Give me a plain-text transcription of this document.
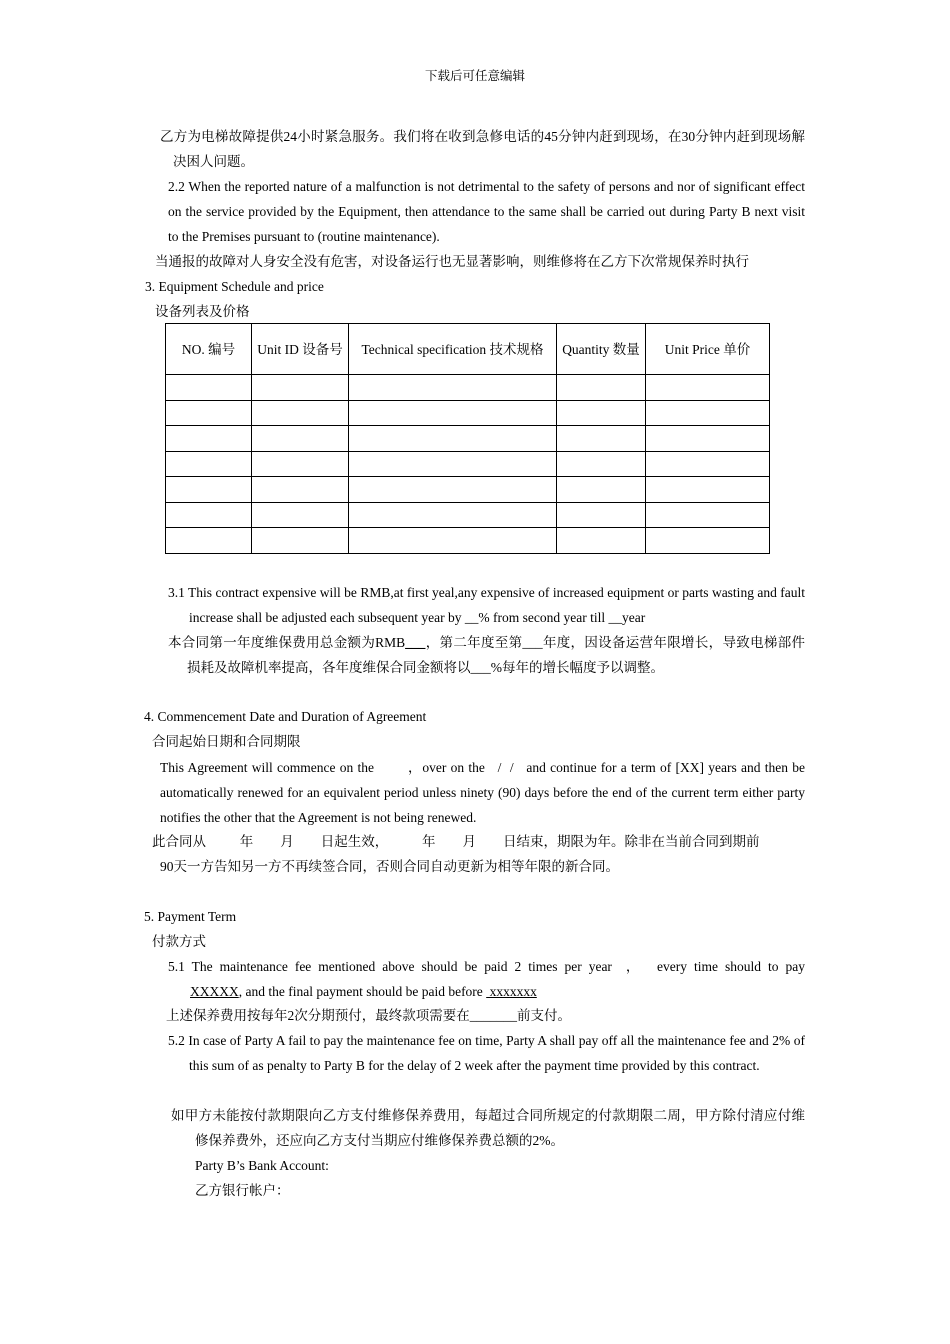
下载后可任意编辑
乙方为电梯故障提供24小时紧急服务。我们将在收到急修电话的45分钟内赶到现场，在30分钟内赶到现场解决困人问题。
2.2 When the reported nature of a malfunction is not detrimental to the safety of persons and nor of significant effect on the service provided by the Equipment, then attendance to the same shall be carried out during Party B next visit to the Premises pursuant to (routine maintenance).
当通报的故障对人身安全没有危害，对设备运行也无显著影响，则维修将在乙方下次常规保养时执行
3. Equipment Schedule and price
设备列表及价格
NO. 编号	Unit ID 设备号	Technical specification 技术规格	Quantity 数量	Unit Price 单价

3.1 This contract expensive will be RMB,at first yeal,any expensive of increased equipment or parts wasting and fault increase shall be adjusted each subsequent year by __% from second year till __year
本合同第一年度维保费用总金额为RMB___，第二年度至第___年度，因设备运营年限增长，导致电梯部件损耗及故障机率提高，各年度维保合同金额将以___%每年的增长幅度予以调整。
4. Commencement Date and Duration of Agreement
合同起始日期和合同期限
This Agreement will commence on the        ，over on the   /  /   and continue for a term of [XX] years and then be automatically renewed for an equivalent period unless ninety (90) days before the end of the current term either party notifies the other that the Agreement is not being renewed.
此合同从          年        月        日起生效，          年        月        日结束，期限为年。除非在当前合同到期前
90天一方告知另一方不再续签合同，否则合同自动更新为相等年限的新合同。
5. Payment Term
付款方式
5.1 The maintenance fee mentioned above should be paid 2 times per year  ，  every time should to pay
XXXXX, and the final payment should be paid before  xxxxxxx
上述保养费用按每年2次分期预付，最终款项需要在_______前支付。
5.2 In case of Party A fail to pay the maintenance fee on time, Party A shall pay off all the maintenance fee and 2% of this sum of as penalty to Party B for the delay of 2 week after the payment time provided by this contract.
如甲方未能按付款期限向乙方支付维修保养费用，每超过合同所规定的付款期限二周，甲方除付清应付维修保养费外，还应向乙方支付当期应付维修保养费总额的2%。
Party B’s Bank Account:
乙方银行帐户：
